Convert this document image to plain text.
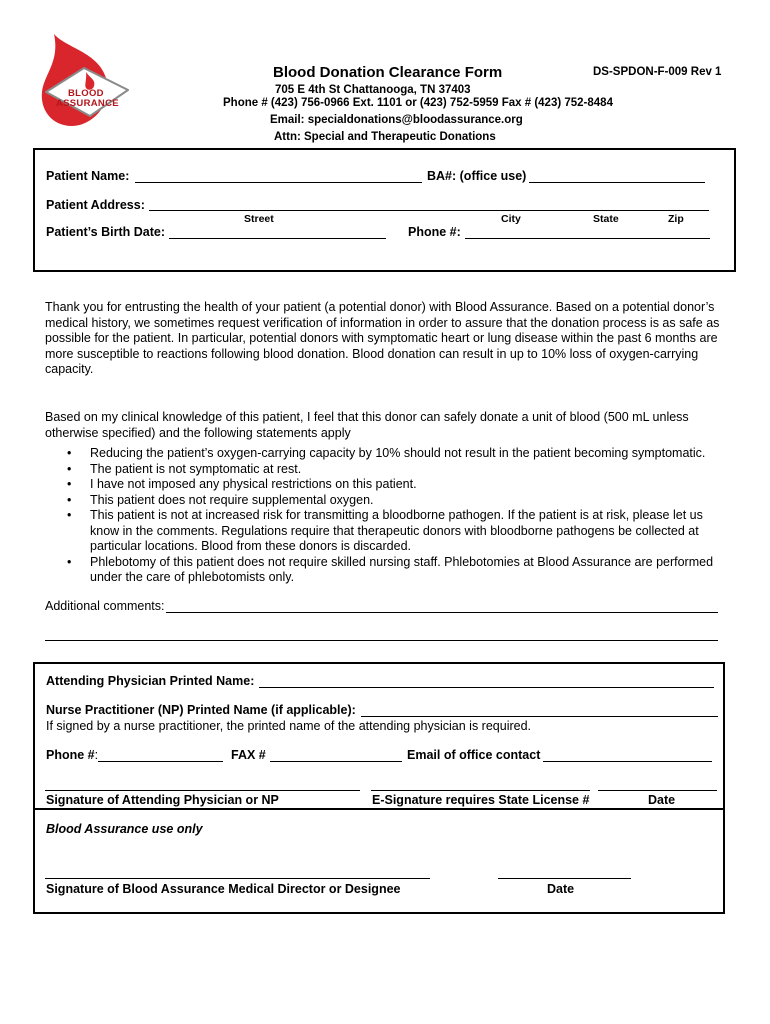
BLOOD
ASSURANCE
Blood Donation Clearance Form	DS-SPDON-F-009 Rev 1
705 E 4th St Chattanooga, TN 37403
Phone # (423) 756-0966 Ext. 1101 or (423) 752-5959 Fax # (423) 752-8484
Email: specialdonations@bloodassurance.org
Attn: Special and Therapeutic Donations
Patient Name:	BA#: (office use)
Patient Address:
Street	City	State	Zip
Patient’s Birth Date:	Phone #:
Thank you for entrusting the health of your patient (a potential donor) with Blood Assurance. Based on a potential donor’s medical history, we sometimes request verification of information in order to assure that the donation process is as safe as possible for the patient. In particular, potential donors with symptomatic heart or lung disease within the past 6 months are more susceptible to reactions following blood donation. Blood donation can result in up to 10% loss of oxygen-carrying capacity.
Based on my clinical knowledge of this patient, I feel that this donor can safely donate a unit of blood (500 mL unless otherwise specified) and the following statements apply
• Reducing the patient’s oxygen-carrying capacity by 10% should not result in the patient becoming symptomatic.
• The patient is not symptomatic at rest.
• I have not imposed any physical restrictions on this patient.
• This patient does not require supplemental oxygen.
• This patient is not at increased risk for transmitting a bloodborne pathogen. If the patient is at risk, please let us know in the comments. Regulations require that therapeutic donors with bloodborne pathogens be collected at particular locations. Blood from these donors is discarded.
• Phlebotomy of this patient does not require skilled nursing staff. Phlebotomies at Blood Assurance are performed under the care of phlebotomists only.
Additional comments:
Attending Physician Printed Name:
Nurse Practitioner (NP) Printed Name (if applicable):
If signed by a nurse practitioner, the printed name of the attending physician is required.
Phone #:	FAX #	Email of office contact
Signature of Attending Physician or NP	E-Signature requires State License #	Date
Blood Assurance use only
Signature of Blood Assurance Medical Director or Designee	Date
